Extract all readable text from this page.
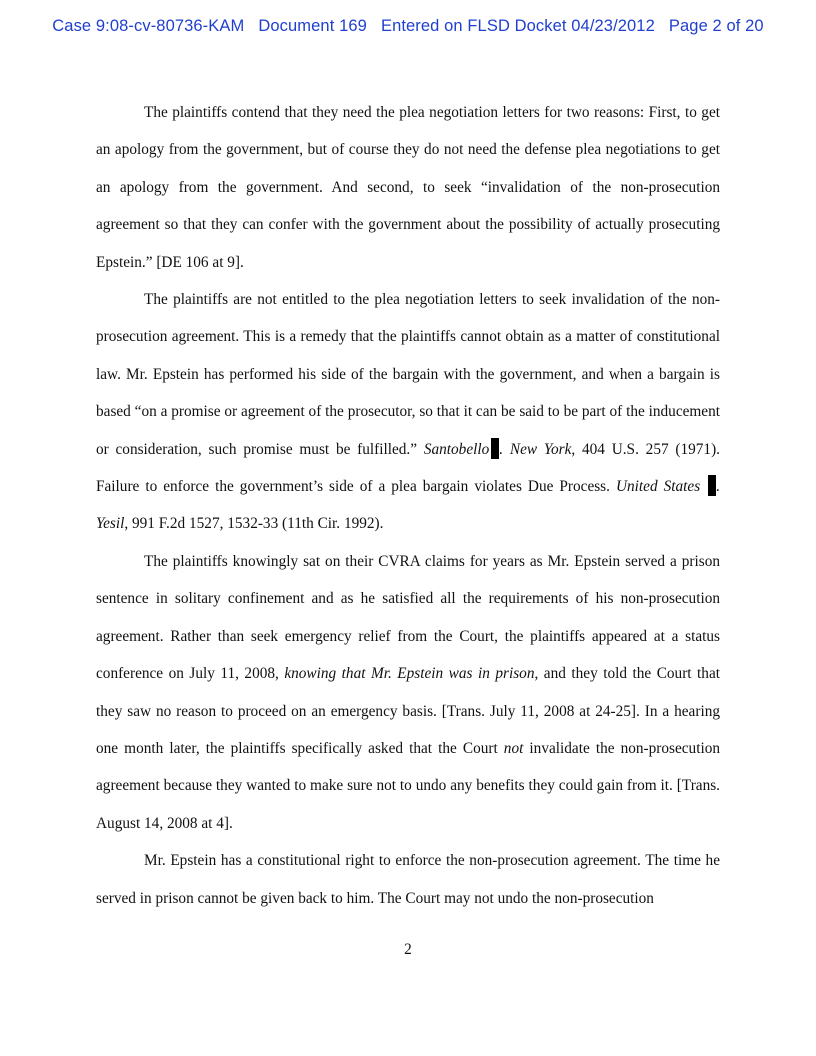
Case 9:08-cv-80736-KAM Document 169 Entered on FLSD Docket 04/23/2012 Page 2 of 20

The plaintiffs contend that they need the plea negotiation letters for two reasons: First, to get an apology from the government, but of course they do not need the defense plea negotiations to get an apology from the government. And second, to seek “invalidation of the non-prosecution agreement so that they can confer with the government about the possibility of actually prosecuting Epstein.” [DE 106 at 9].

The plaintiffs are not entitled to the plea negotiation letters to seek invalidation of the non-prosecution agreement. This is a remedy that the plaintiffs cannot obtain as a matter of constitutional law. Mr. Epstein has performed his side of the bargain with the government, and when a bargain is based “on a promise or agreement of the prosecutor, so that it can be said to be part of the inducement or consideration, such promise must be fulfilled.” Santobello . New York, 404 U.S. 257 (1971). Failure to enforce the government’s side of a plea bargain violates Due Process. United States . Yesil, 991 F.2d 1527, 1532-33 (11th Cir. 1992).

The plaintiffs knowingly sat on their CVRA claims for years as Mr. Epstein served a prison sentence in solitary confinement and as he satisfied all the requirements of his non-prosecution agreement. Rather than seek emergency relief from the Court, the plaintiffs appeared at a status conference on July 11, 2008, knowing that Mr. Epstein was in prison, and they told the Court that they saw no reason to proceed on an emergency basis. [Trans. July 11, 2008 at 24-25]. In a hearing one month later, the plaintiffs specifically asked that the Court not invalidate the non-prosecution agreement because they wanted to make sure not to undo any benefits they could gain from it. [Trans. August 14, 2008 at 4].

Mr. Epstein has a constitutional right to enforce the non-prosecution agreement. The time he served in prison cannot be given back to him. The Court may not undo the non-prosecution

2
